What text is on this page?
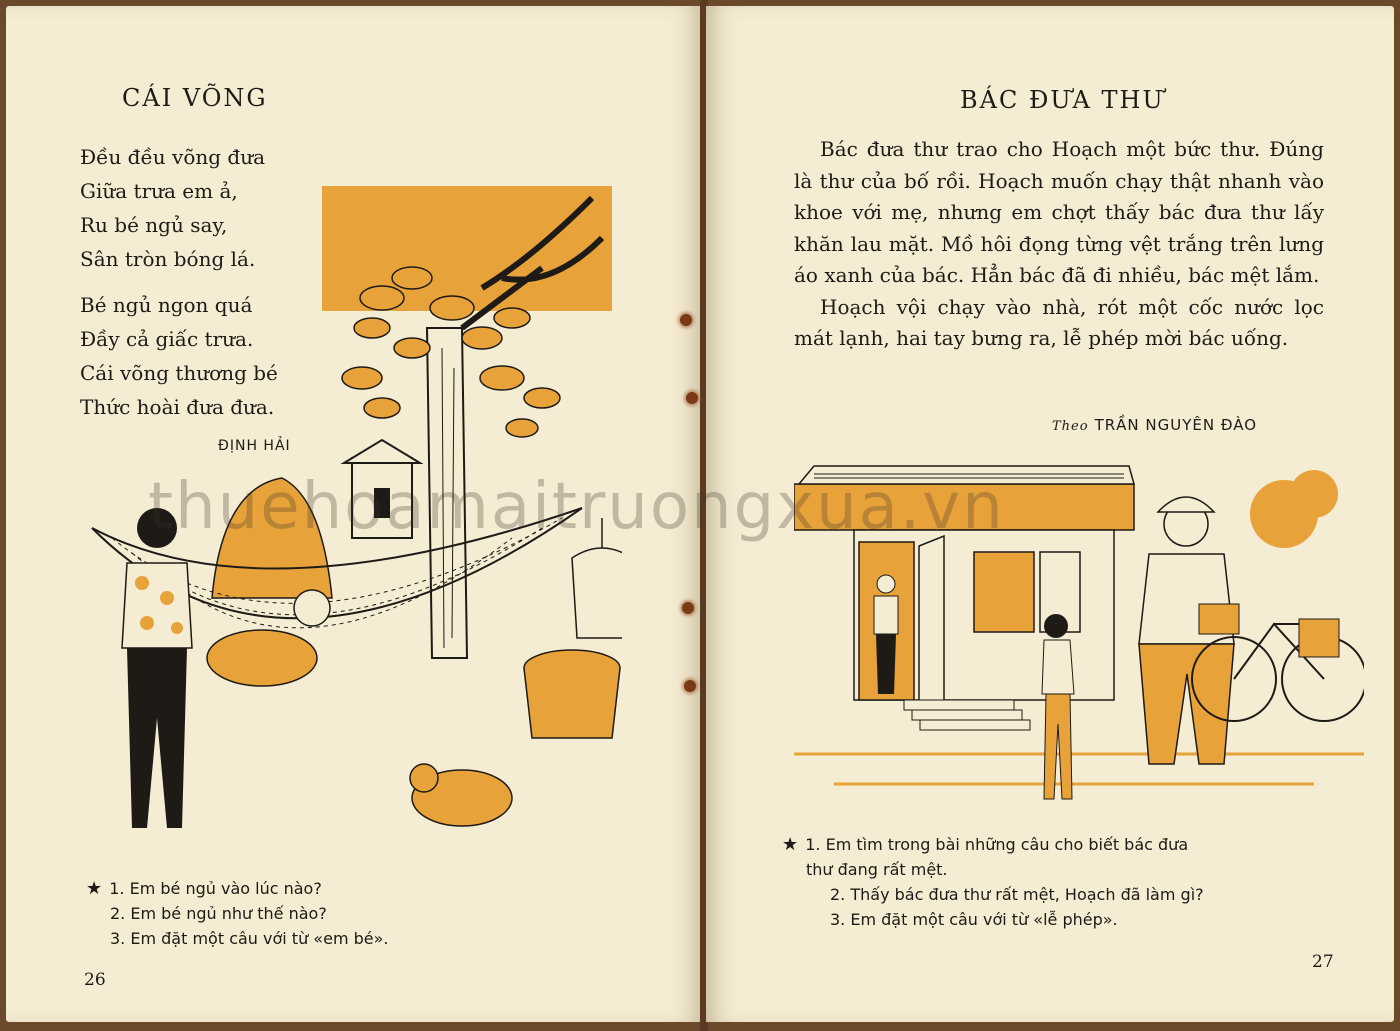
CÁI VÕNG
Đều đều võng đưa
Giữa trưa em ả,
Ru bé ngủ say,
Sân tròn bóng lá.
Bé ngủ ngon quá
Đầy cả giấc trưa.
Cái võng thương bé
Thức hoài đưa đưa.
ĐỊNH HẢI
★ 1. Em bé ngủ vào lúc nào?
2. Em bé ngủ như thế nào?
3. Em đặt một câu với từ «em bé».
26
BÁC ĐƯA THƯ

Bác đưa thư trao cho Hoạch một bức thư. Đúng là thư của bố rồi. Hoạch muốn chạy thật nhanh vào khoe với mẹ, nhưng em chợt thấy bác đưa thư lấy khăn lau mặt. Mồ hôi đọng từng vệt trắng trên lưng áo xanh của bác. Hẳn bác đã đi nhiều, bác mệt lắm.

Hoạch vội chạy vào nhà, rót một cốc nước lọc mát lạnh, hai tay bưng ra, lễ phép mời bác uống.

Theo TRẦN NGUYÊN ĐÀO
★ 1. Em tìm trong bài những câu cho biết bác đưa
thư đang rất mệt.
2. Thấy bác đưa thư rất mệt, Hoạch đã làm gì?
3. Em đặt một câu với từ «lễ phép».
27
thuehoamaitruongxua.vn
